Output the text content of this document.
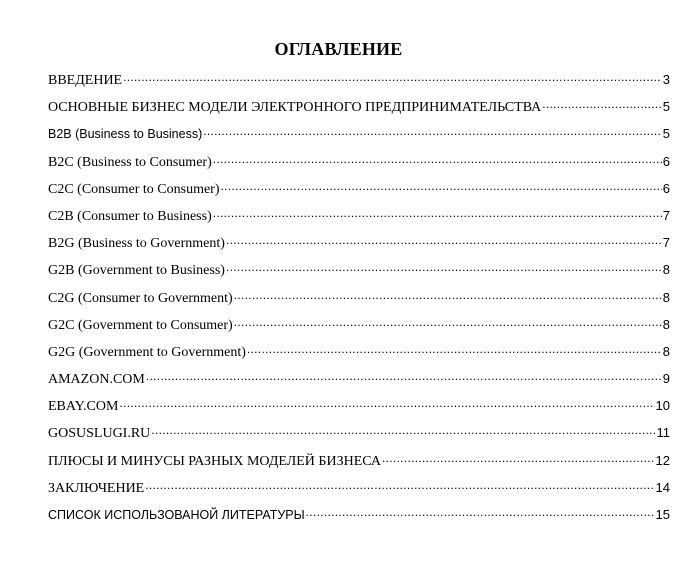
ОГЛАВЛЕНИЕ
ВВЕДЕНИЕ .....	3
ОСНОВНЫЕ БИЗНЕС МОДЕЛИ ЭЛЕКТРОННОГО ПРЕДПРИНИМАТЕЛЬСТВА .....	5
B2B (Business to Business) .....	5
B2C (Business to Consumer) .....	6
C2C (Consumer to Consumer) .....	6
C2B (Consumer to Business) .....	7
B2G (Business to Government) .....	7
G2B (Government to Business) .....	8
C2G (Consumer to Government) .....	8
G2C (Government to Consumer) .....	8
G2G (Government to Government) .....	8
AMAZON.COM .....	9
EBAY.COM .....	10
GOSUSLUGI.RU .....	11
ПЛЮСЫ И МИНУСЫ РАЗНЫХ МОДЕЛЕЙ БИЗНЕСА .....	12
ЗАКЛЮЧЕНИЕ .....	14
СПИСОК ИСПОЛЬЗОВАНОЙ ЛИТЕРАТУРЫ .....	15
